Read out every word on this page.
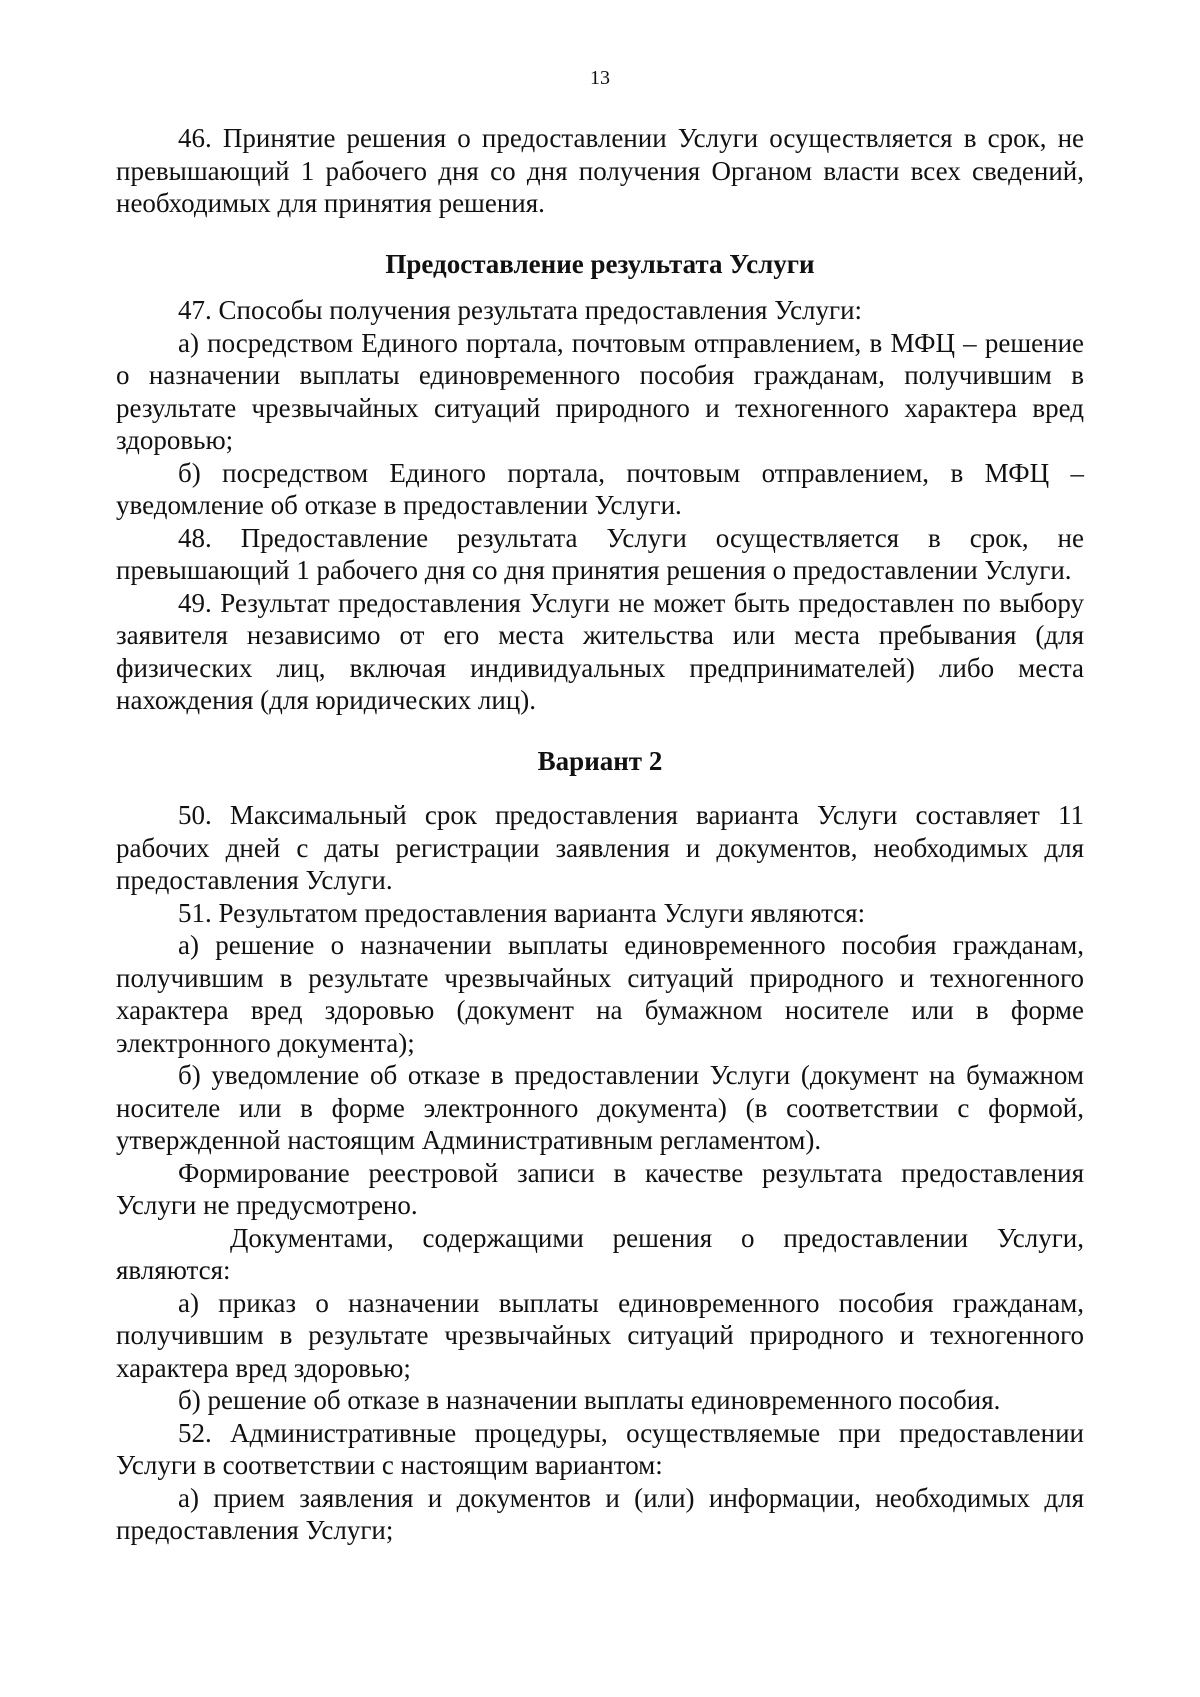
13

46. Принятие решения о предоставлении Услуги осуществляется в срок, не превышающий 1 рабочего дня со дня получения Органом власти всех сведений, необходимых для принятия решения.

Предоставление результата Услуги

47. Способы получения результата предоставления Услуги:

а) посредством Единого портала, почтовым отправлением, в МФЦ – решение о назначении выплаты единовременного пособия гражданам, получившим в результате чрезвычайных ситуаций природного и техногенного характера вред здоровью;

б) посредством Единого портала, почтовым отправлением, в МФЦ – уведомление об отказе в предоставлении Услуги.

48. Предоставление результата Услуги осуществляется в срок, не превышающий 1 рабочего дня со дня принятия решения о предоставлении Услуги.

49. Результат предоставления Услуги не может быть предоставлен по выбору заявителя независимо от его места жительства или места пребывания (для физических лиц, включая индивидуальных предпринимателей) либо места нахождения (для юридических лиц).

Вариант 2

50. Максимальный срок предоставления варианта Услуги составляет 11 рабочих дней с даты регистрации заявления и документов, необходимых для предоставления Услуги.

51. Результатом предоставления варианта Услуги являются:

а) решение о назначении выплаты единовременного пособия гражданам, получившим в результате чрезвычайных ситуаций природного и техногенного характера вред здоровью (документ на бумажном носителе или в форме электронного документа);

б) уведомление об отказе в предоставлении Услуги (документ на бумажном носителе или в форме электронного документа) (в соответствии с формой, утвержденной настоящим Административным регламентом).

Формирование реестровой записи в качестве результата предоставления Услуги не предусмотрено.

Документами, содержащими решения о предоставлении Услуги, являются:

а) приказ о назначении выплаты единовременного пособия гражданам, получившим в результате чрезвычайных ситуаций природного и техногенного характера вред здоровью;

б) решение об отказе в назначении выплаты единовременного пособия.

52. Административные процедуры, осуществляемые при предоставлении Услуги в соответствии с настоящим вариантом:

а) прием заявления и документов и (или) информации, необходимых для предоставления Услуги;
